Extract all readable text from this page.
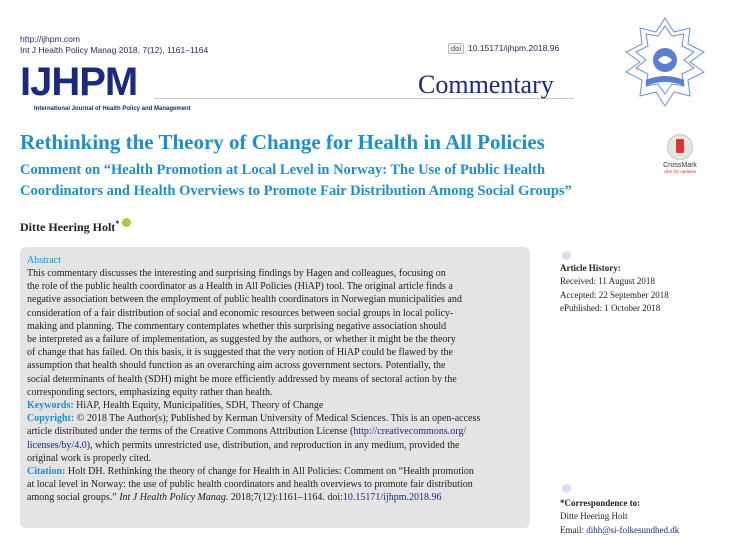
http://ijhpm.com
Int J Health Policy Manag 2018, 7(12), 1161–1164	doi 10.15171/ijhpm.2018.96
IJHPM
International Journal of Health Policy and Management
Commentary
Rethinking the Theory of Change for Health in All Policies
Comment on “Health Promotion at Local Level in Norway: The Use of Public Health
Coordinators and Health Overviews to Promote Fair Distribution Among Social Groups”
CrossMark
click for updates
Ditte Heering Holt*
Abstract
This commentary discusses the interesting and surprising findings by Hagen and colleagues, focusing on
the role of the public health coordinator as a Health in All Policies (HiAP) tool. The original article finds a
negative association between the employment of public health coordinators in Norwegian municipalities and
consideration of a fair distribution of social and economic resources between social groups in local policy-
making and planning. The commentary contemplates whether this surprising negative association should
be interpreted as a failure of implementation, as suggested by the authors, or whether it might be the theory
of change that has failed. On this basis, it is suggested that the very notion of HiAP could be flawed by the
assumption that health should function as an overarching aim across government sectors. Potentially, the
social determinants of health (SDH) might be more efficiently addressed by means of sectoral action by the
corresponding sectors, emphasizing equity rather than health.
Keywords: HiAP, Health Equity, Municipalities, SDH, Theory of Change
Copyright: © 2018 The Author(s); Published by Kerman University of Medical Sciences. This is an open-access
article distributed under the terms of the Creative Commons Attribution License (http://creativecommons.org/
licenses/by/4.0), which permits unrestricted use, distribution, and reproduction in any medium, provided the
original work is properly cited.
Citation: Holt DH. Rethinking the theory of change for Health in All Policies: Comment on “Health promotion
at local level in Norway: the use of public health coordinators and health overviews to promote fair distribution
among social groups.” Int J Health Policy Manag. 2018;7(12):1161–1164. doi:10.15171/ijhpm.2018.96
Article History:
Received: 11 August 2018
Accepted: 22 September 2018
ePublished: 1 October 2018
*Correspondence to:
Ditte Heering Holt
Email: dihh@si-folkesundhed.dk
